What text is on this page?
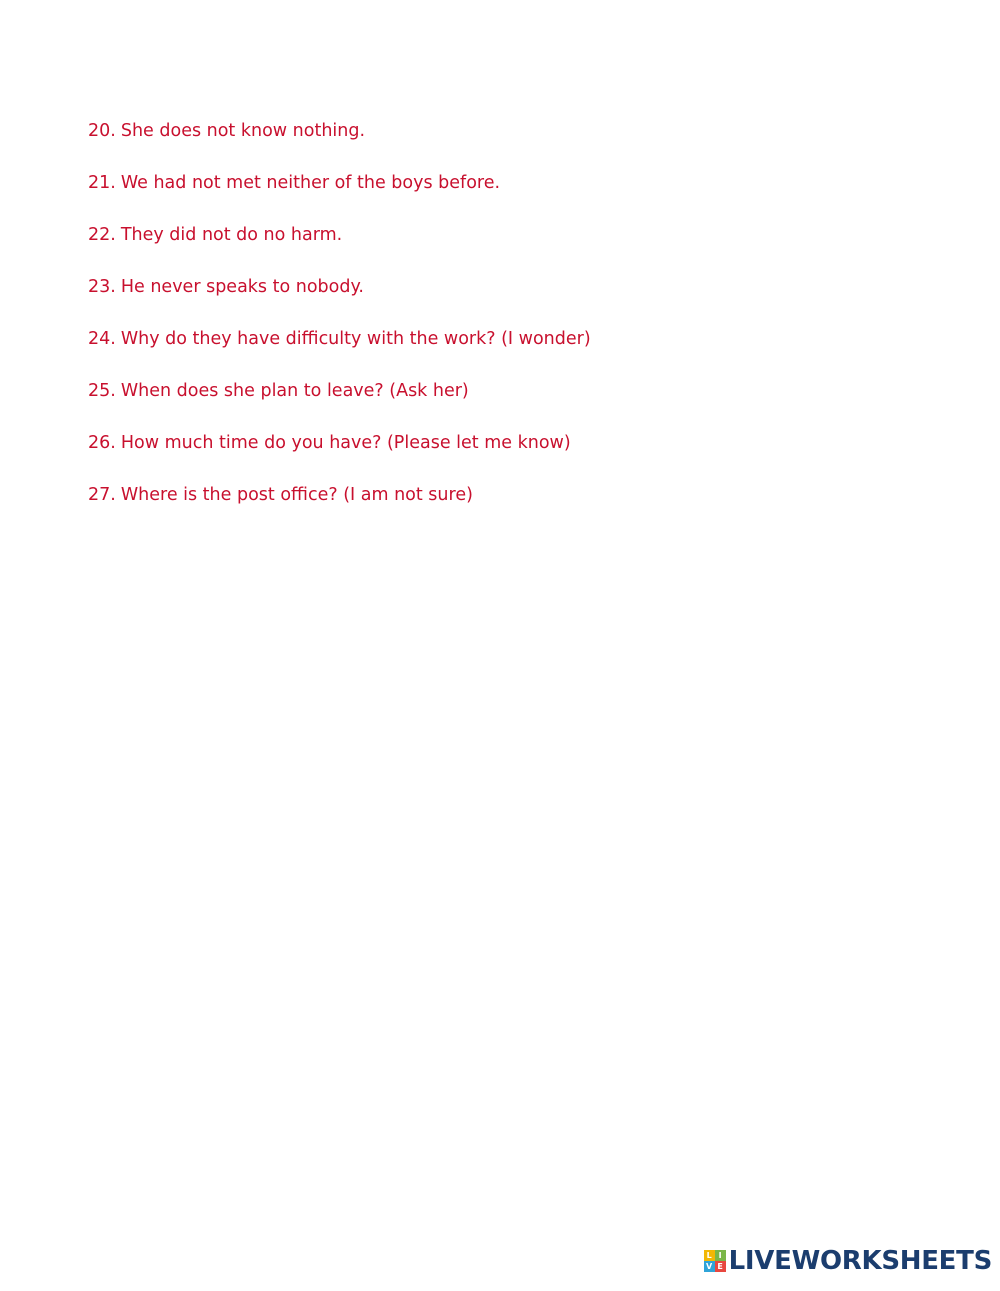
20. She does not know nothing.
21. We had not met neither of the boys before.
22. They did not do no harm.
23. He never speaks to nobody.
24. Why do they have difficulty with the work? (I wonder)
25. When does she plan to leave? (Ask her)
26. How much time do you have? (Please let me know)
27. Where is the post office? (I am not sure)
L I
V E LIVEWORKSHEETS
